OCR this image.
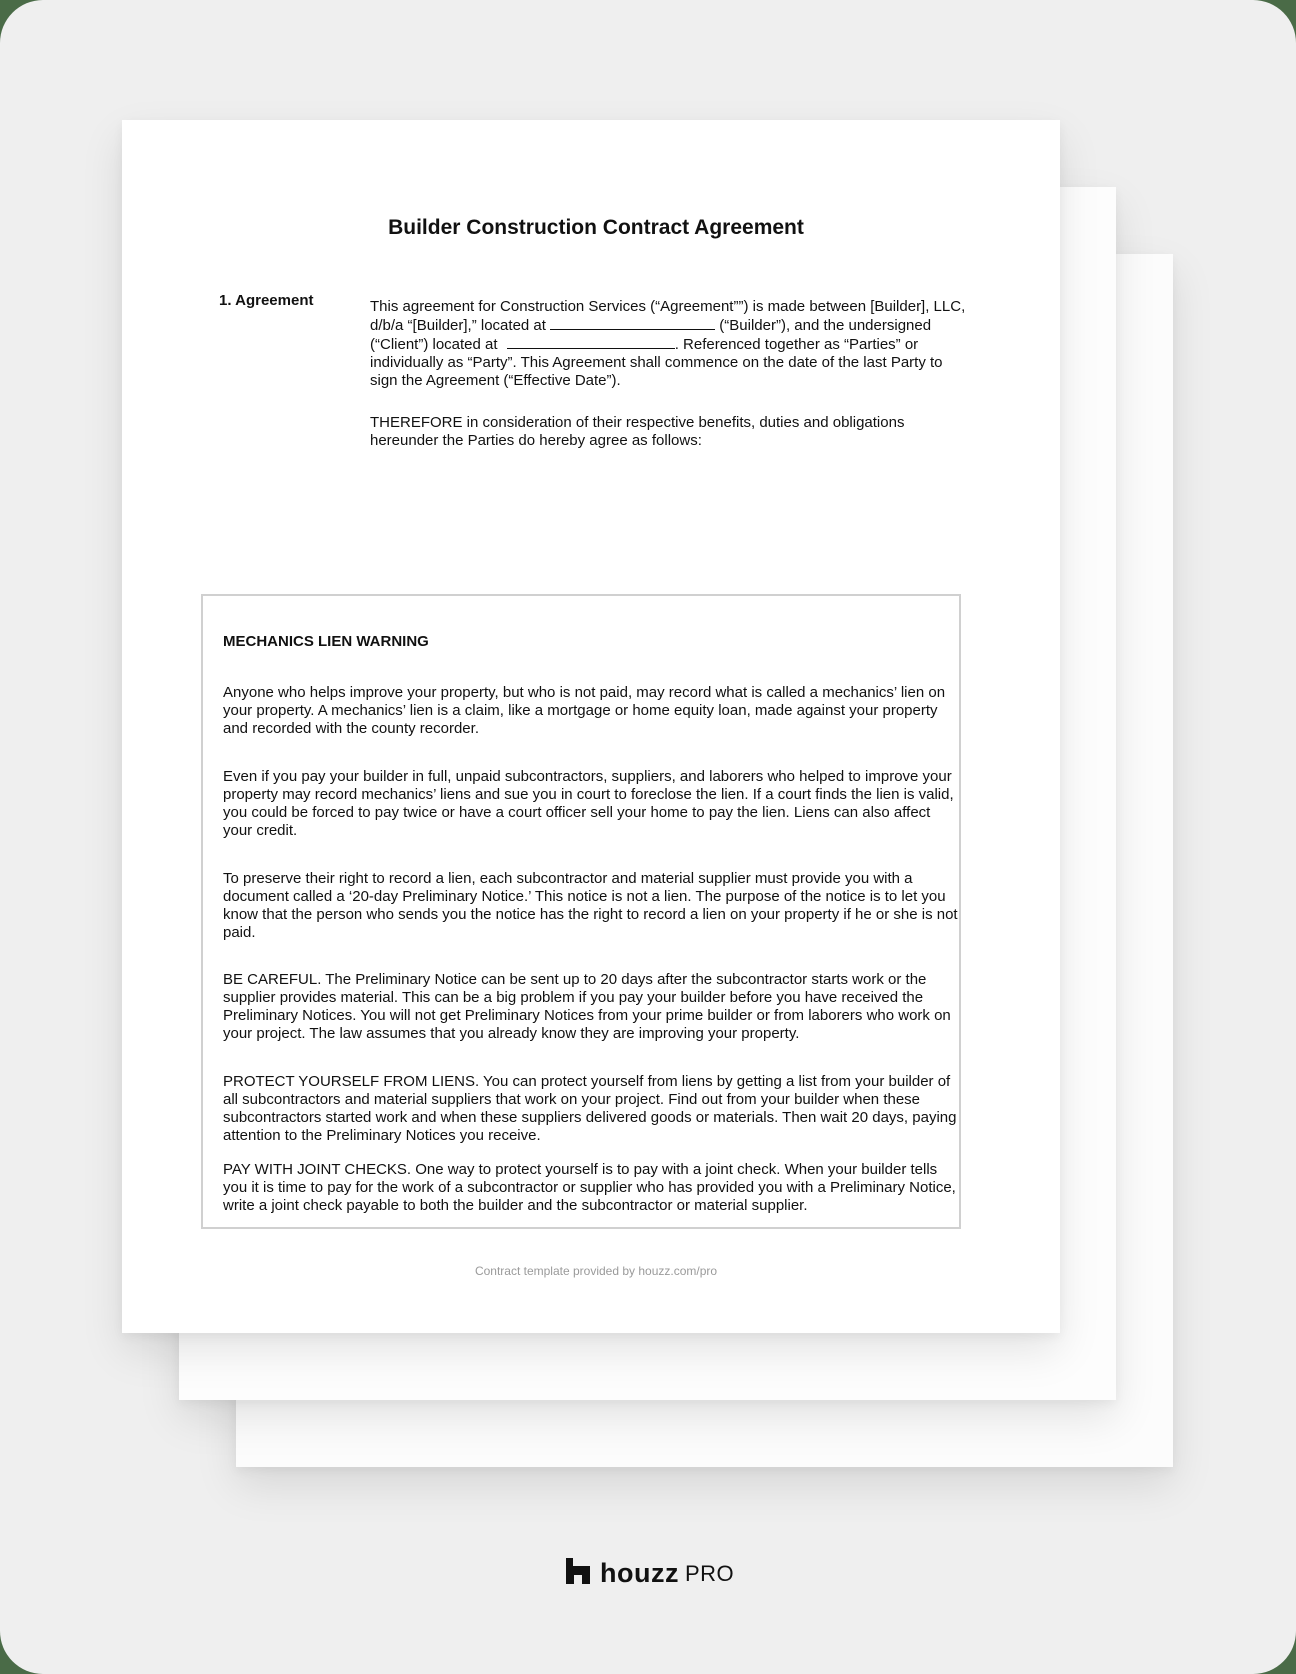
Builder Construction Contract Agreement
1. Agreement	This agreement for Construction Services (“Agreement””) is made between [Builder], LLC, d/b/a “[Builder],” located at	(“Builder”), and the undersigned (“Client”) located at	. Referenced together as “Parties” or individually as “Party”. This Agreement shall commence on the date of the last Party to sign the Agreement (“Effective Date”).

THEREFORE in consideration of their respective benefits, duties and obligations hereunder the Parties do hereby agree as follows:

MECHANICS LIEN WARNING

Anyone who helps improve your property, but who is not paid, may record what is called a mechanics’ lien on your property. A mechanics’ lien is a claim, like a mortgage or home equity loan, made against your property and recorded with the county recorder.

Even if you pay your builder in full, unpaid subcontractors, suppliers, and laborers who helped to improve your property may record mechanics’ liens and sue you in court to foreclose the lien. If a court finds the lien is valid, you could be forced to pay twice or have a court officer sell your home to pay the lien. Liens can also affect your credit.

To preserve their right to record a lien, each subcontractor and material supplier must provide you with a document called a ‘20-day Preliminary Notice.’ This notice is not a lien. The purpose of the notice is to let you know that the person who sends you the notice has the right to record a lien on your property if he or she is not paid.

BE CAREFUL. The Preliminary Notice can be sent up to 20 days after the subcontractor starts work or the supplier provides material. This can be a big problem if you pay your builder before you have received the Preliminary Notices. You will not get Preliminary Notices from your prime builder or from laborers who work on your project. The law assumes that you already know they are improving your property.

PROTECT YOURSELF FROM LIENS. You can protect yourself from liens by getting a list from your builder of all subcontractors and material suppliers that work on your project. Find out from your builder when these subcontractors started work and when these suppliers delivered goods or materials. Then wait 20 days, paying attention to the Preliminary Notices you receive.

PAY WITH JOINT CHECKS. One way to protect yourself is to pay with a joint check. When your builder tells you it is time to pay for the work of a subcontractor or supplier who has provided you with a Preliminary Notice, write a joint check payable to both the builder and the subcontractor or material supplier.

Contract template provided by houzz.com/pro
houzz PRO
